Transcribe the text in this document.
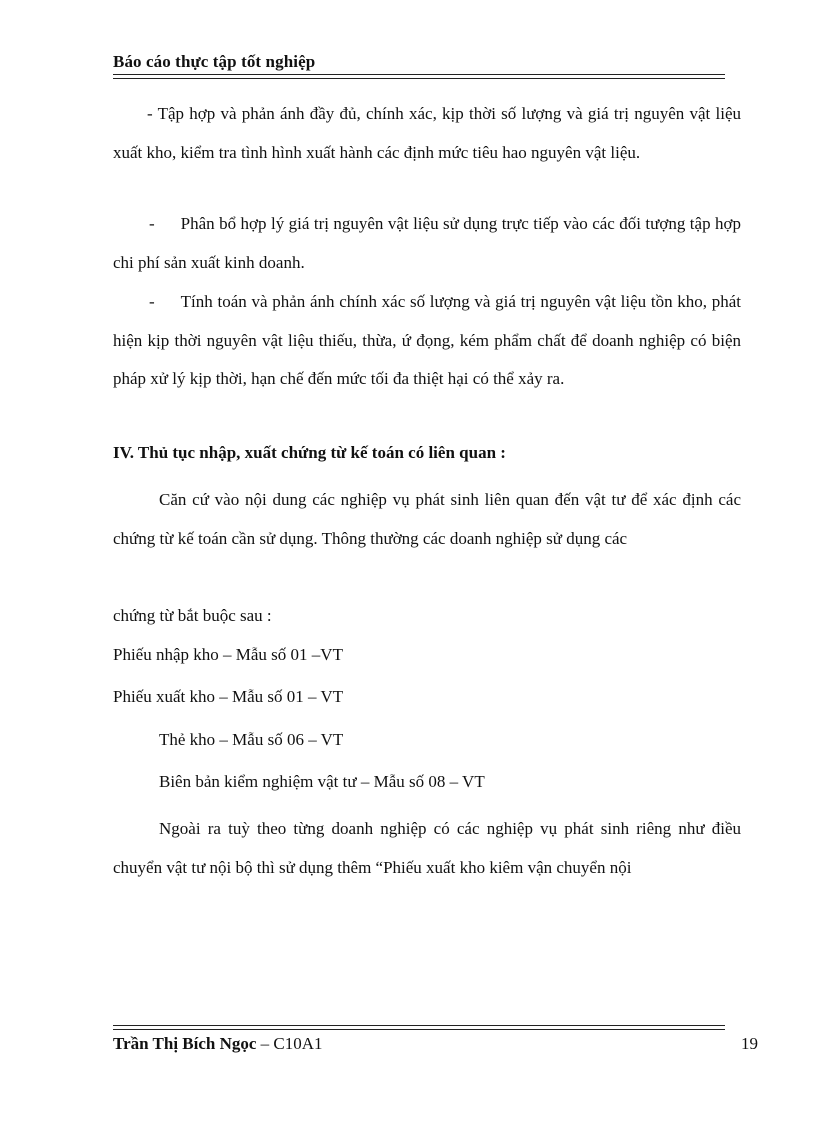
Báo cáo thực tập tốt nghiệp

- Tập hợp và phản ánh đầy đủ, chính xác, kịp thời số lượng và giá trị nguyên vật liệu xuất kho, kiểm tra tình hình xuất hành các định mức tiêu hao nguyên vật liệu.

- Phân bổ hợp lý giá trị nguyên vật liệu sử dụng trực tiếp vào các đối tượng tập hợp chi phí sản xuất kinh doanh.

- Tính toán và phản ánh chính xác số lượng và giá trị nguyên vật liệu tồn kho, phát hiện kịp thời nguyên vật liệu thiếu, thừa, ứ đọng, kém phẩm chất để doanh nghiệp có biện pháp xử lý kịp thời, hạn chế đến mức tối đa thiệt hại có thể xảy ra.

IV. Thủ tục nhập, xuất chứng từ kế toán có liên quan :

Căn cứ vào nội dung các nghiệp vụ phát sinh liên quan đến vật tư để xác định các chứng từ kế toán cần sử dụng. Thông thường các doanh nghiệp sử dụng các

chứng từ bắt buộc sau :
Phiếu nhập kho – Mẫu số 01 –VT
Phiếu xuất kho – Mẫu số 01 – VT
Thẻ kho – Mẫu số 06 – VT
Biên bản kiểm nghiệm vật tư – Mẫu số 08 – VT

Ngoài ra tuỳ theo từng doanh nghiệp có các nghiệp vụ phát sinh riêng như điều chuyển vật tư nội bộ thì sử dụng thêm “Phiếu xuất kho kiêm vận chuyển nội

Trần Thị Bích Ngọc – C10A1	19
